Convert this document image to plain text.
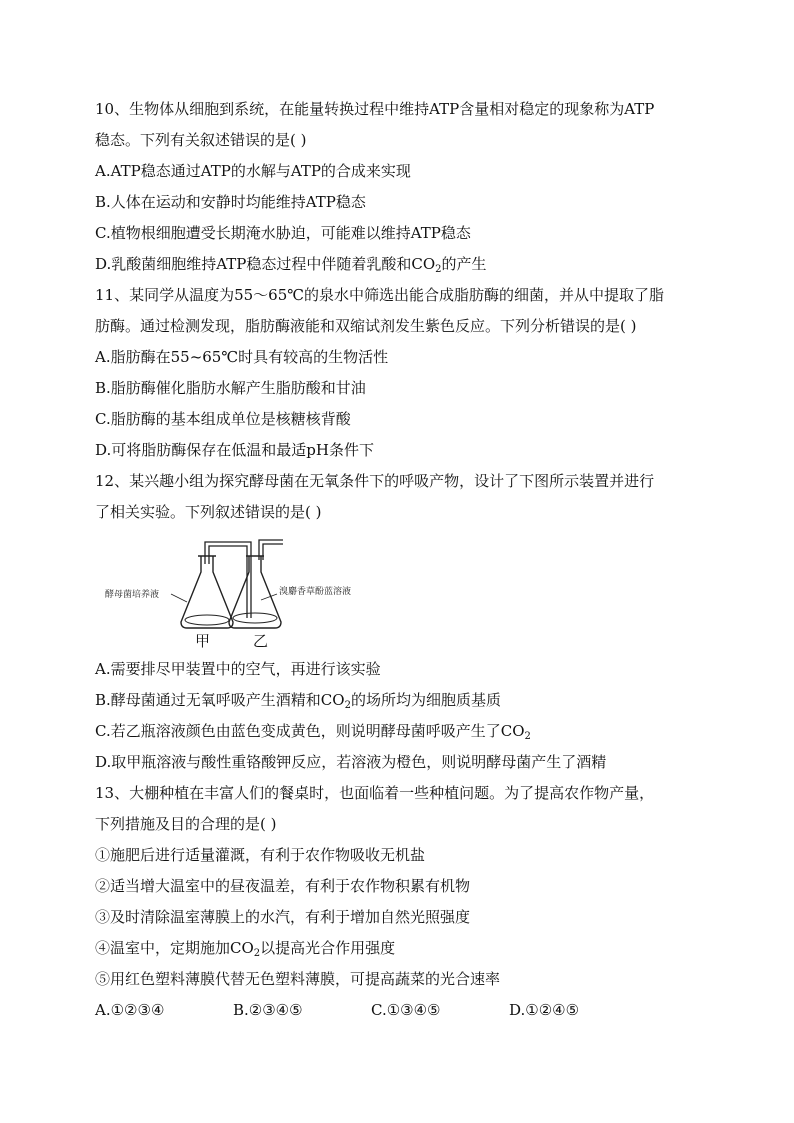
10、生物体从细胞到系统，在能量转换过程中维持ATP含量相对稳定的现象称为ATP
稳态。下列有关叙述错误的是( )
A.ATP稳态通过ATP的水解与ATP的合成来实现
B.人体在运动和安静时均能维持ATP稳态
C.植物根细胞遭受长期淹水胁迫，可能难以维持ATP稳态
D.乳酸菌细胞维持ATP稳态过程中伴随着乳酸和$CO_2$的产生
11、某同学从温度为55～65℃的泉水中筛选出能合成脂肪酶的细菌，并从中提取了脂
肪酶。通过检测发现，脂肪酶液能和双缩试剂发生紫色反应。下列分析错误的是( )
A.脂肪酶在55~65℃时具有较高的生物活性
B.脂肪酶催化脂肪水解产生脂肪酸和甘油
C.脂肪酶的基本组成单位是核糖核背酸
D.可将脂肪酶保存在低温和最适pH条件下
12、某兴趣小组为探究酵母菌在无氧条件下的呼吸产物，设计了下图所示装置并进行
了相关实验。下列叙述错误的是( )
酵母菌培养液	溴麝香草酚蓝溶液
甲	乙
A.需要排尽甲装置中的空气，再进行该实验
B.酵母菌通过无氧呼吸产生酒精和$CO_2$的场所均为细胞质基质
C.若乙瓶溶液颜色由蓝色变成黄色，则说明酵母菌呼吸产生了$CO_2$
D.取甲瓶溶液与酸性重铬酸钾反应，若溶液为橙色，则说明酵母菌产生了酒精
13、大棚种植在丰富人们的餐桌时，也面临着一些种植问题。为了提高农作物产量，
下列措施及目的合理的是( )
①施肥后进行适量灌溉，有利于农作物吸收无机盐
②适当增大温室中的昼夜温差，有利于农作物积累有机物
③及时清除温室薄膜上的水汽，有利于增加自然光照强度
④温室中，定期施加$CO_2$以提高光合作用强度
⑤用红色塑料薄膜代替无色塑料薄膜，可提高蔬菜的光合速率
A.①②③④	B.②③④⑤	C.①③④⑤	D.①②④⑤
